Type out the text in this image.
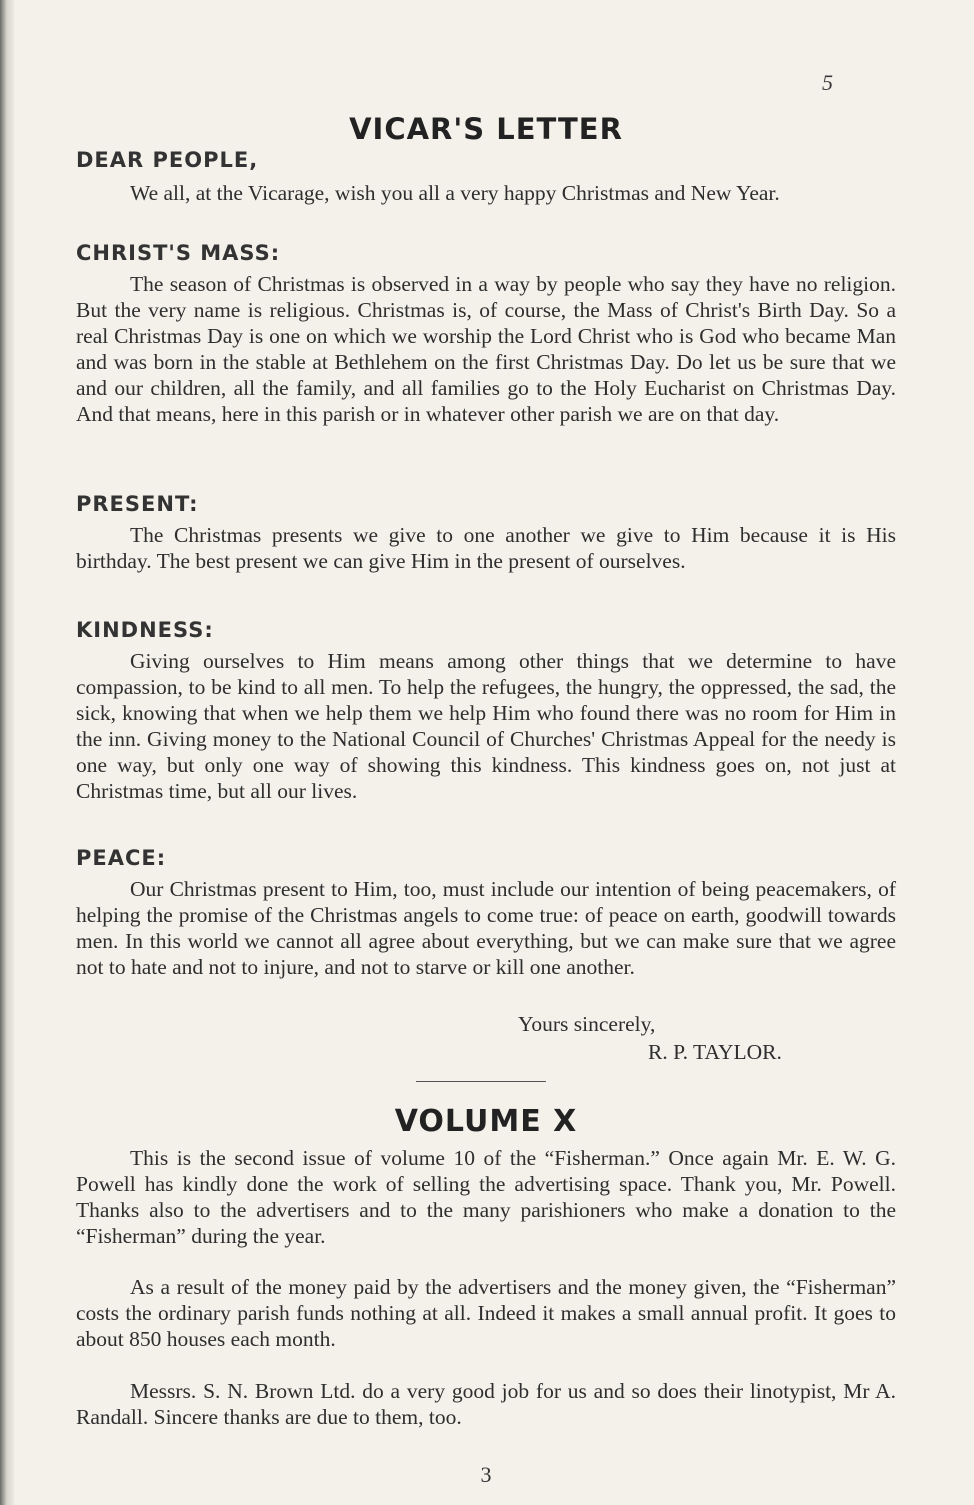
5
VICAR'S LETTER
DEAR PEOPLE,

We all, at the Vicarage, wish you all a very happy Christmas and New Year.

CHRIST'S MASS:

The season of Christmas is observed in a way by people who say they have no religion. But the very name is religious. Christmas is, of course, the Mass of Christ's Birth Day. So a real Christmas Day is one on which we worship the Lord Christ who is God who became Man and was born in the stable at Bethlehem on the first Christmas Day. Do let us be sure that we and our children, all the family, and all families go to the Holy Eucharist on Christmas Day. And that means, here in this parish or in whatever other parish we are on that day.

PRESENT:

The Christmas presents we give to one another we give to Him because it is His birthday. The best present we can give Him in the present of ourselves.

KINDNESS:

Giving ourselves to Him means among other things that we determine to have compassion, to be kind to all men. To help the refugees, the hungry, the oppressed, the sad, the sick, knowing that when we help them we help Him who found there was no room for Him in the inn. Giving money to the National Council of Churches' Christmas Appeal for the needy is one way, but only one way of showing this kindness. This kindness goes on, not just at Christmas time, but all our lives.

PEACE:

Our Christmas present to Him, too, must include our intention of being peacemakers, of helping the promise of the Christmas angels to come true: of peace on earth, goodwill towards men. In this world we cannot all agree about everything, but we can make sure that we agree not to hate and not to injure, and not to starve or kill one another.

Yours sincerely,
R. P. TAYLOR.
VOLUME X

This is the second issue of volume 10 of the “Fisherman.” Once again Mr. E. W. G. Powell has kindly done the work of selling the advertising space. Thank you, Mr. Powell. Thanks also to the advertisers and to the many parishioners who make a donation to the “Fisherman” during the year.

As a result of the money paid by the advertisers and the money given, the “Fisherman” costs the ordinary parish funds nothing at all. Indeed it makes a small annual profit. It goes to about 850 houses each month.

Messrs. S. N. Brown Ltd. do a very good job for us and so does their linotypist, Mr A. Randall. Sincere thanks are due to them, too.

3
